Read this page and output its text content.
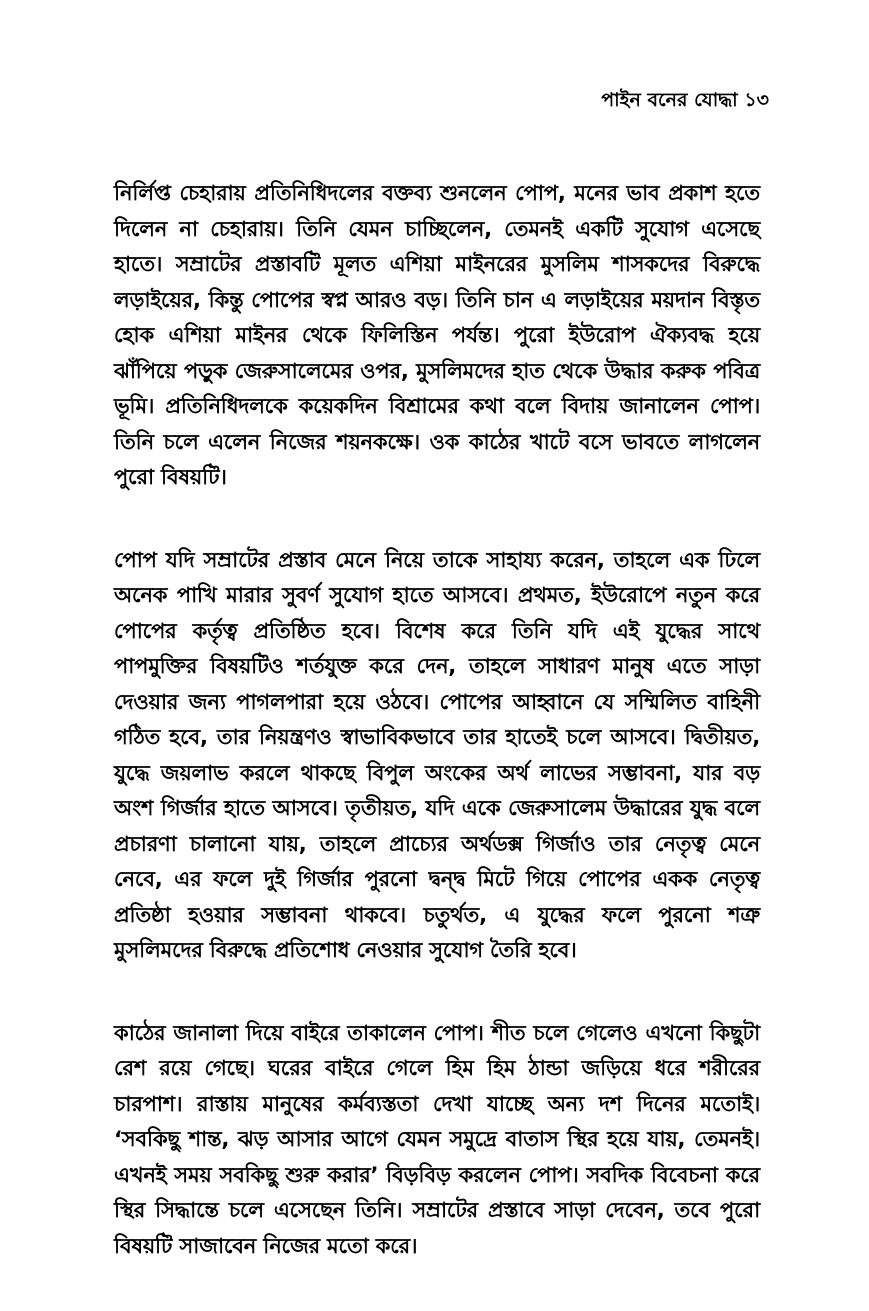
পাইন বনের যোদ্ধা ১৩

নির্লিপ্ত চেহারায় প্রতিনিধিদলের বক্তব্য শুনলেন পোপ, মনের ভাব প্রকাশ হতে দিলেন না চেহারায়। তিনি যেমন চাচ্ছিলেন, তেমনই একটি সুযোগ এসেছে হাতে। সম্রাটের প্রস্তাবটি মূলত এশিয়া মাইনরের মুসলিম শাসকদের বিরুদ্ধে লড়াইয়ের, কিন্তু পোপের স্বপ্ন আরও বড়। তিনি চান এ লড়াইয়ের ময়দান বিস্তৃত হোক এশিয়া মাইনর থেকে ফিলিস্তিন পর্যন্ত। পুরো ইউরোপ ঐক্যবদ্ধ হয়ে ঝাঁপিয়ে পড়ুক জেরুসালেমের ওপর, মুসলিমদের হাত থেকে উদ্ধার করুক পবিত্র ভূমি। প্রতিনিধিদলকে কয়েকদিন বিশ্রামের কথা বলে বিদায় জানালেন পোপ। তিনি চলে এলেন নিজের শয়নকক্ষে। ওক কাঠের খাটে বসে ভাবতে লাগলেন পুরো বিষয়টি।

পোপ যদি সম্রাটের প্রস্তাব মেনে নিয়ে তাকে সাহায্য করেন, তাহলে এক ঢিলে অনেক পাখি মারার সুবর্ণ সুযোগ হাতে আসবে। প্রথমত, ইউরোপে নতুন করে পোপের কর্তৃত্ব প্রতিষ্ঠিত হবে। বিশেষ করে তিনি যদি এই যুদ্ধের সাথে পাপমুক্তির বিষয়টিও শর্তযুক্ত করে দেন, তাহলে সাধারণ মানুষ এতে সাড়া দেওয়ার জন্য পাগলপারা হয়ে ওঠবে। পোপের আহ্বানে যে সম্মিলিত বাহিনী গঠিত হবে, তার নিয়ন্ত্রণও স্বাভাবিকভাবে তার হাতেই চলে আসবে। দ্বিতীয়ত, যুদ্ধে জয়লাভ করলে থাকছে বিপুল অংকের অর্থ লাভের সম্ভাবনা, যার বড় অংশ গির্জার হাতে আসবে। তৃতীয়ত, যদি একে জেরুসালেম উদ্ধারের যুদ্ধ বলে প্রচারণা চালানো যায়, তাহলে প্রাচ্যের অর্থডক্স গির্জাও তার নেতৃত্ব মেনে নেবে, এর ফলে দুই গির্জার পুরনো দ্বন্দ্ব মিটে গিয়ে পোপের একক নেতৃত্ব প্রতিষ্ঠা হওয়ার সম্ভাবনা থাকবে। চতুর্থত, এ যুদ্ধের ফলে পুরনো শত্রু মুসলিমদের বিরুদ্ধে প্রতিশোধ নেওয়ার সুযোগ তৈরি হবে।

কাঠের জানালা দিয়ে বাইরে তাকালেন পোপ। শীত চলে গেলেও এখনো কিছুটা রেশ রয়ে গেছে। ঘরের বাইরে গেলে হিম হিম ঠান্ডা জড়িয়ে ধরে শরীরের চারপাশ। রাস্তায় মানুষের কর্মব্যস্ততা দেখা যাচ্ছে অন্য দশ দিনের মতোই। ‘সবকিছু শান্ত, ঝড় আসার আগে যেমন সমুদ্রে বাতাস স্থির হয়ে যায়, তেমনই। এখনই সময় সবকিছু শুরু করার’ বিড়বিড় করলেন পোপ। সবদিক বিবেচনা করে স্থির সিদ্ধান্তে চলে এসেছেন তিনি। সম্রাটের প্রস্তাবে সাড়া দেবেন, তবে পুরো বিষয়টি সাজাবেন নিজের মতো করে।
